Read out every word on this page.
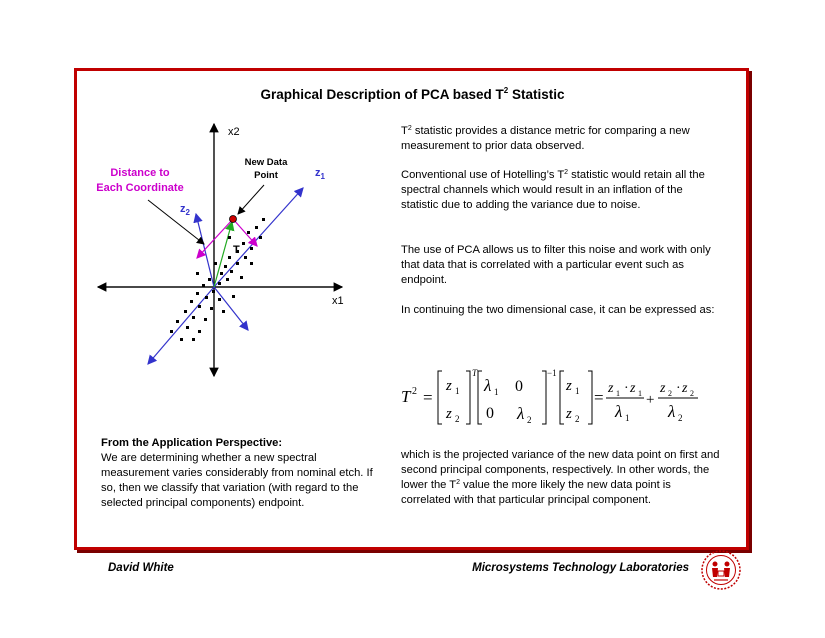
Graphical Description of PCA based $T^2$ Statistic
x2
x1
$z_1$
$z_2$
New Data
Point
Distance to
Each Coordinate
T

$T^2$ statistic provides a distance metric for comparing a new measurement to prior data observed.

Conventional use of Hotelling’s $T^2$ statistic would retain all the spectral channels which would result in an inflation of the statistic due to adding the variance due to noise.

The use of PCA allows us to filter this noise and work with only that data that is correlated with a particular event such as endpoint.

In continuing the two dimensional case, it can be expressed as:

T 2 =
z 1
z 2
T
λ 1 0
0 λ 2
−1
z 1
z 2
= z 1 · z 1
λ 1
+
z 2 · z 2
λ 2

which is the projected variance of the new data point on first and second principal components, respectively. In other words, the lower the $T^2$ value the more likely the new data point is correlated with that particular principal component.

From the Application Perspective:
We are determining whether a new spectral measurement varies considerably from nominal etch. If so, then we classify that variation (with regard to the selected principal components) endpoint.

David White	Microsystems Technology Laboratories
